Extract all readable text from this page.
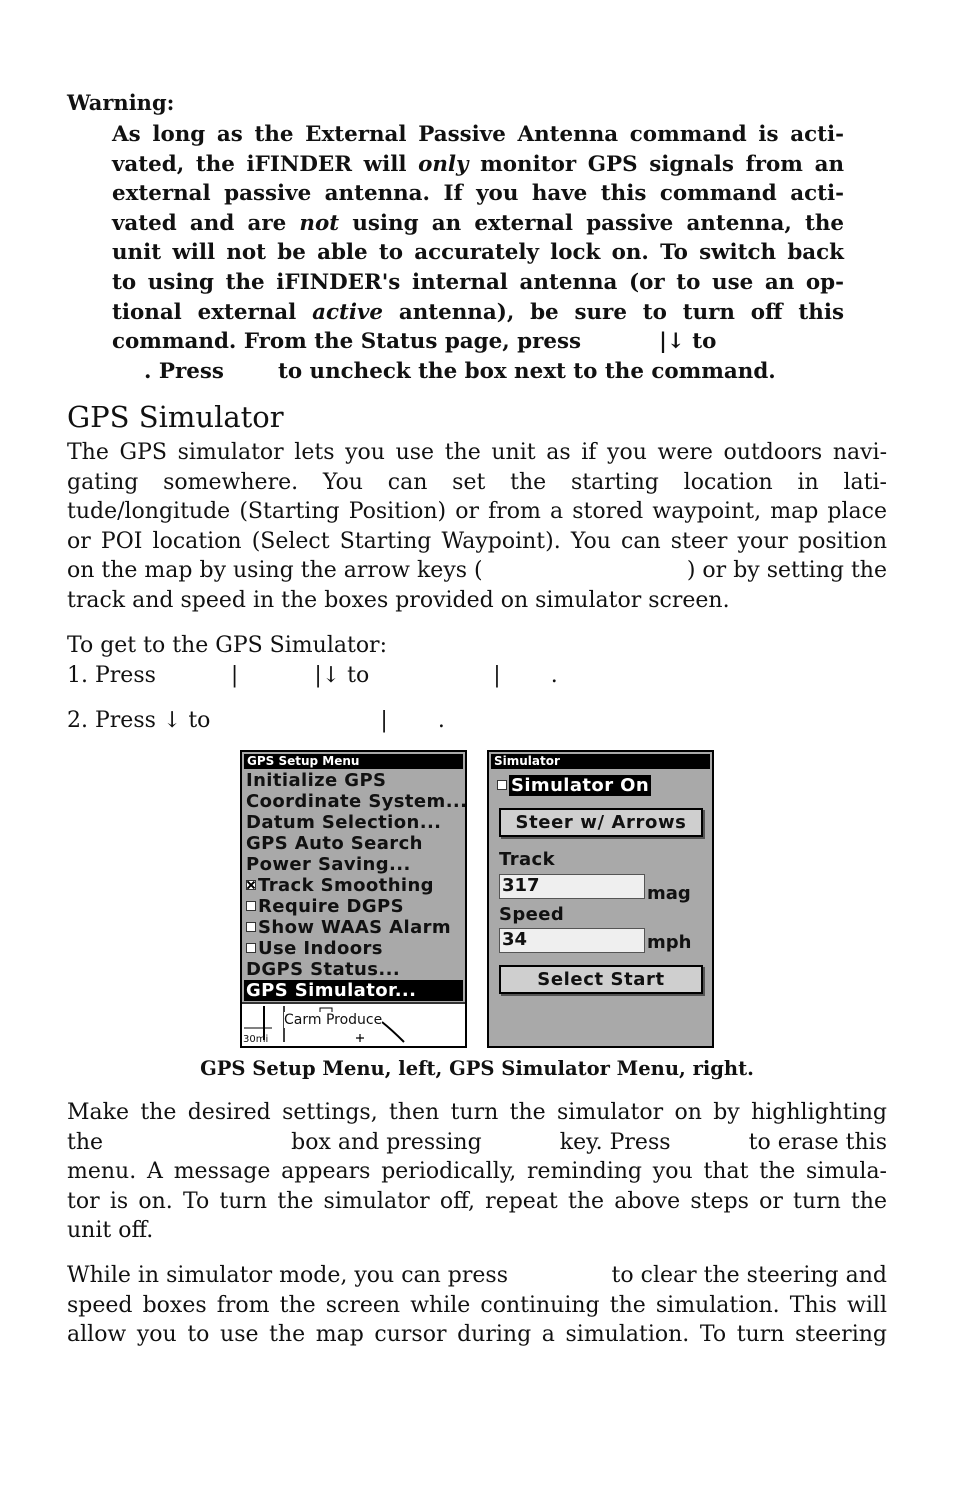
Warning:
As long as the External Passive Antenna command is acti-
vated, the iFINDER will only monitor GPS signals from an
external passive antenna. If you have this command acti-
vated and are not using an external passive antenna, the
unit will not be able to accurately lock on. To switch back
to using the iFINDER's internal antenna (or to use an op-
tional external active antenna), be sure to turn off this
command. From the Status page, press	|↓ to
. Press	to uncheck the box next to the command.
GPS Simulator
The GPS simulator lets you use the unit as if you were outdoors navi-
gating somewhere. You can set the starting location in lati-
tude/longitude (Starting Position) or from a stored waypoint, map place
or POI location (Select Starting Waypoint). You can steer your position
on the map by using the arrow keys (	) or by setting the
track and speed in the boxes provided on simulator screen.
To get to the GPS Simulator:
1. Press	|	|↓ to	| .
2. Press ↓ to	| .
GPS Setup Menu
Initialize GPS
Coordinate System...
Datum Selection...
GPS Auto Search
Power Saving...
Track Smoothing
Require DGPS
Show WAAS Alarm
Use Indoors
DGPS Status...
GPS Simulator...
30mi
Carm Produce
Simulator
Simulator On
Steer w/ Arrows
Track
317	mag
Speed
34	mph
Select Start
GPS Setup Menu, left, GPS Simulator Menu, right.
Make the desired settings, then turn the simulator on by highlighting
the	box and pressing	key. Press	to erase this
menu. A message appears periodically, reminding you that the simula-
tor is on. To turn the simulator off, repeat the above steps or turn the
unit off.
While in simulator mode, you can press	to clear the steering and
speed boxes from the screen while continuing the simulation. This will
allow you to use the map cursor during a simulation. To turn steering
